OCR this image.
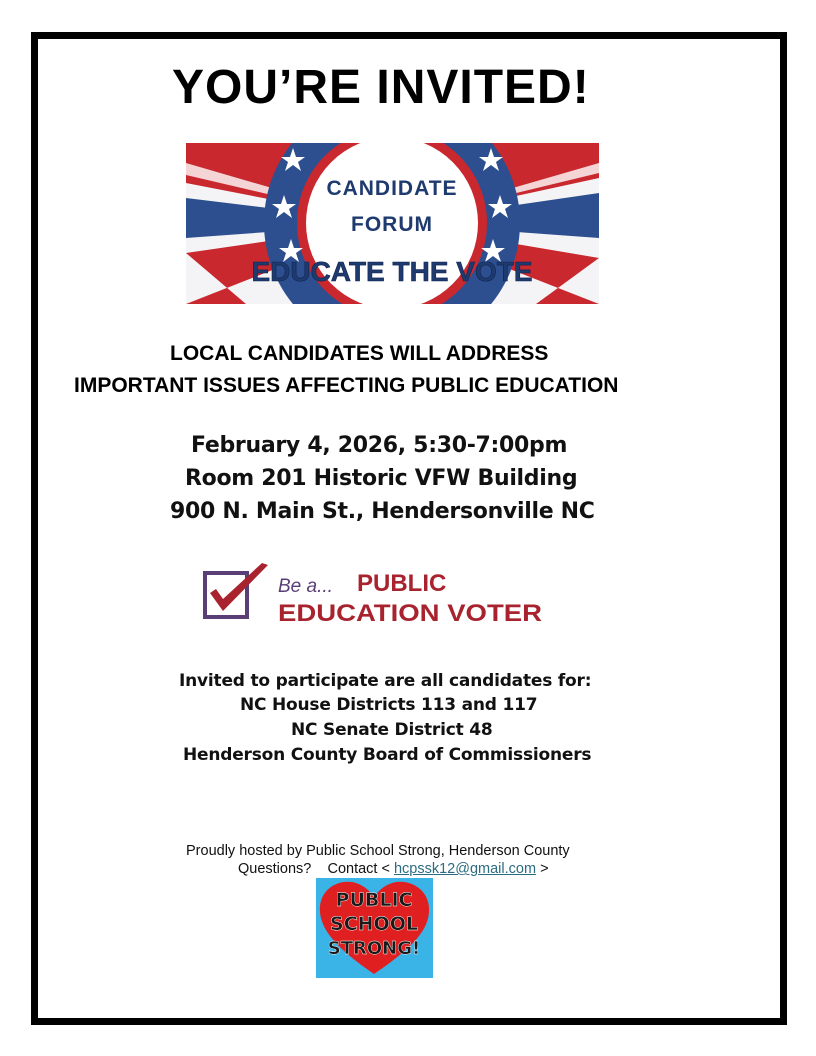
YOU’RE INVITED!
CANDIDATE
FORUM
EDUCATE THE VOTE
LOCAL CANDIDATES WILL ADDRESS
IMPORTANT ISSUES AFFECTING PUBLIC EDUCATION
February 4, 2026, 5:30-7:00pm
Room 201 Historic VFW Building
900 N. Main St., Hendersonville NC
Be a... PUBLIC
EDUCATION VOTER
Invited to participate are all candidates for:
NC House Districts 113 and 117
NC Senate District 48
Henderson County Board of Commissioners
Proudly hosted by Public School Strong, Henderson County
Questions? Contact < hcpssk12@gmail.com >
PUBLIC
SCHOOL
STRONG!
